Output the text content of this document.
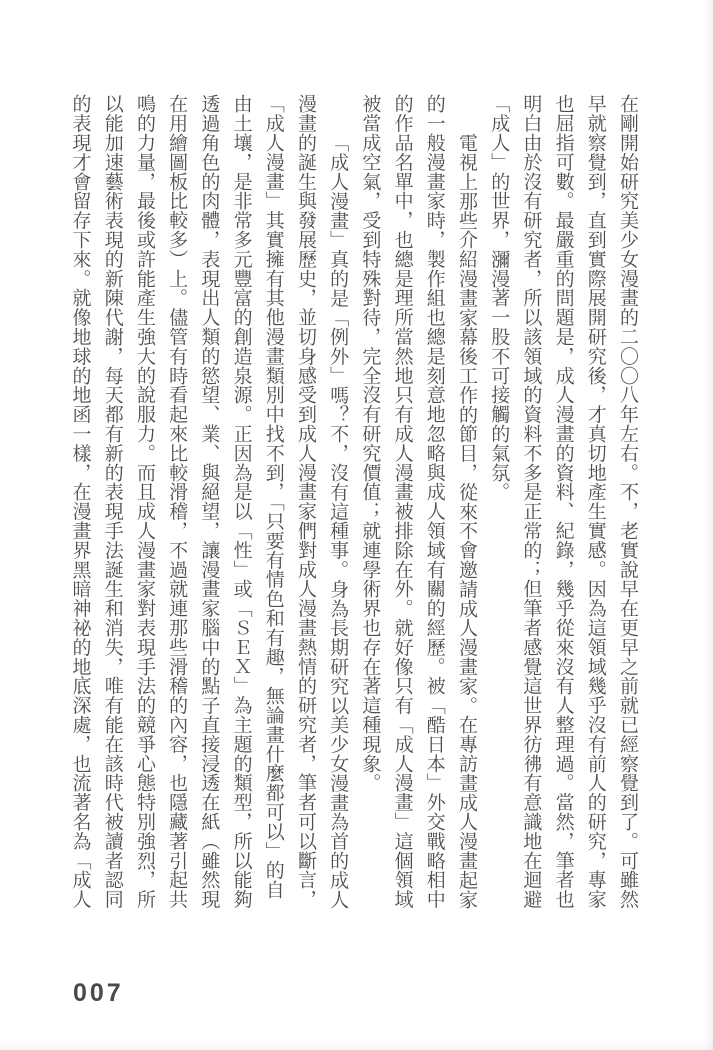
在剛開始研究美少女漫畫的二〇〇八年左右。不，老實說早在更早之前就已經察覺到了。可雖然
早就察覺到，直到實際展開研究後，才真切地產生實感。因為這領域幾乎沒有前人的研究，專家
也屈指可數。最嚴重的問題是，成人漫畫的資料、紀錄，幾乎從來沒有人整理過。當然，筆者也
明白由於沒有研究者，所以該領域的資料不多是正常的；但筆者感覺這世界彷彿有意識地在迴避
「成人」的世界，瀰漫著一股不可接觸的氣氛。
電視上那些介紹漫畫家幕後工作的節目，從來不會邀請成人漫畫家。在專訪畫成人漫畫起家
的一般漫畫家時，製作組也總是刻意地忽略與成人領域有關的經歷。被「酷日本」外交戰略相中
的作品名單中，也總是理所當然地只有成人漫畫被排除在外。就好像只有「成人漫畫」這個領域
被當成空氣，受到特殊對待，完全沒有研究價值；就連學術界也存在著這種現象。
「成人漫畫」真的是「例外」嗎？不，沒有這種事。身為長期研究以美少女漫畫為首的成人
漫畫的誕生與發展歷史，並切身感受到成人漫畫家們對成人漫畫熱情的研究者，筆者可以斷言，
「成人漫畫」其實擁有其他漫畫類別中找不到，「只要有情色和有趣，無論畫什麼都可以」的自
由土壤，是非常多元豐富的創造泉源。正因為是以「性」或「ＳＥＸ」為主題的類型，所以能夠
透過角色的肉體，表現出人類的慾望、業、與絕望，讓漫畫家腦中的點子直接浸透在紙（雖然現
在用繪圖板比較多）上。儘管有時看起來比較滑稽，不過就連那些滑稽的內容，也隱藏著引起共
鳴的力量，最後或許能產生強大的說服力。而且成人漫畫家對表現手法的競爭心態特別強烈，所
以能加速藝術表現的新陳代謝，每天都有新的表現手法誕生和消失，唯有能在該時代被讀者認同
的表現才會留存下來。就像地球的地函一樣，在漫畫界黑暗神祕的地底深處，也流著名為「成人
007
